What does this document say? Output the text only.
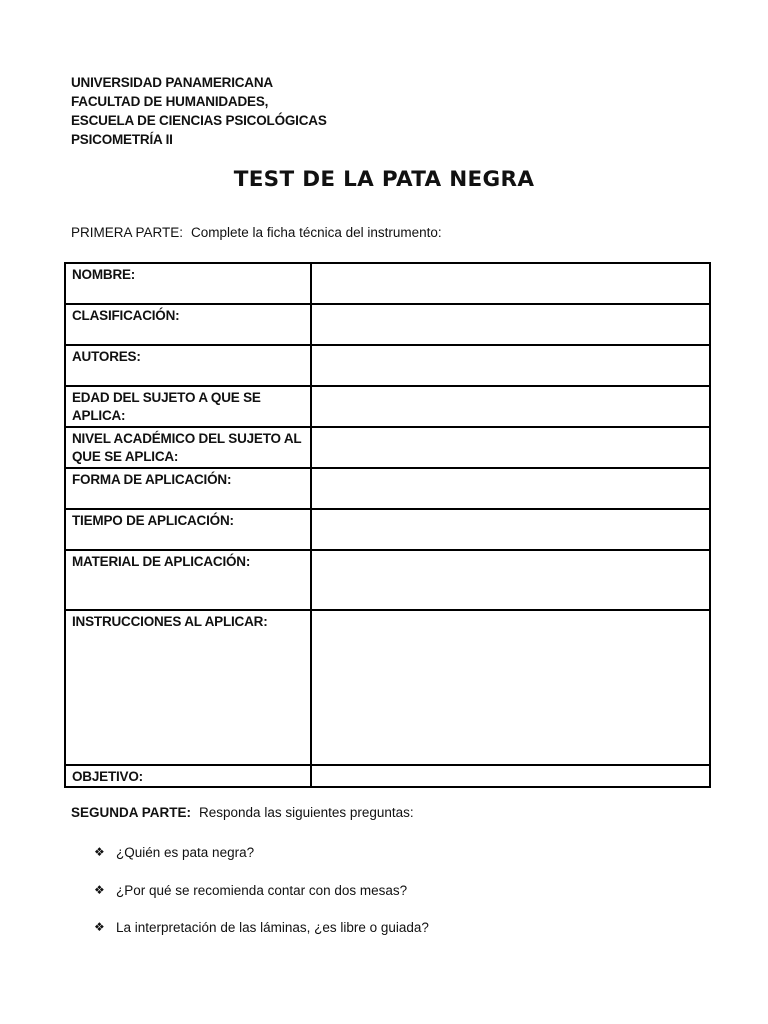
UNIVERSIDAD PANAMERICANA
FACULTAD DE HUMANIDADES,
ESCUELA DE CIENCIAS PSICOLÓGICAS
PSICOMETRÍA II
TEST DE LA PATA NEGRA
PRIMERA PARTE: Complete la ficha técnica del instrumento:
NOMBRE:	
CLASIFICACIÓN:	
AUTORES:	
EDAD DEL SUJETO A QUE SE APLICA:	
NIVEL ACADÉMICO DEL SUJETO AL QUE SE APLICA:	
FORMA DE APLICACIÓN:	
TIEMPO DE APLICACIÓN:	
MATERIAL DE APLICACIÓN:	
INSTRUCCIONES AL APLICAR:	
OBJETIVO:	
SEGUNDA PARTE: Responda las siguientes preguntas:
❖ ¿Quién es pata negra?
❖ ¿Por qué se recomienda contar con dos mesas?
❖ La interpretación de las láminas, ¿es libre o guiada?
